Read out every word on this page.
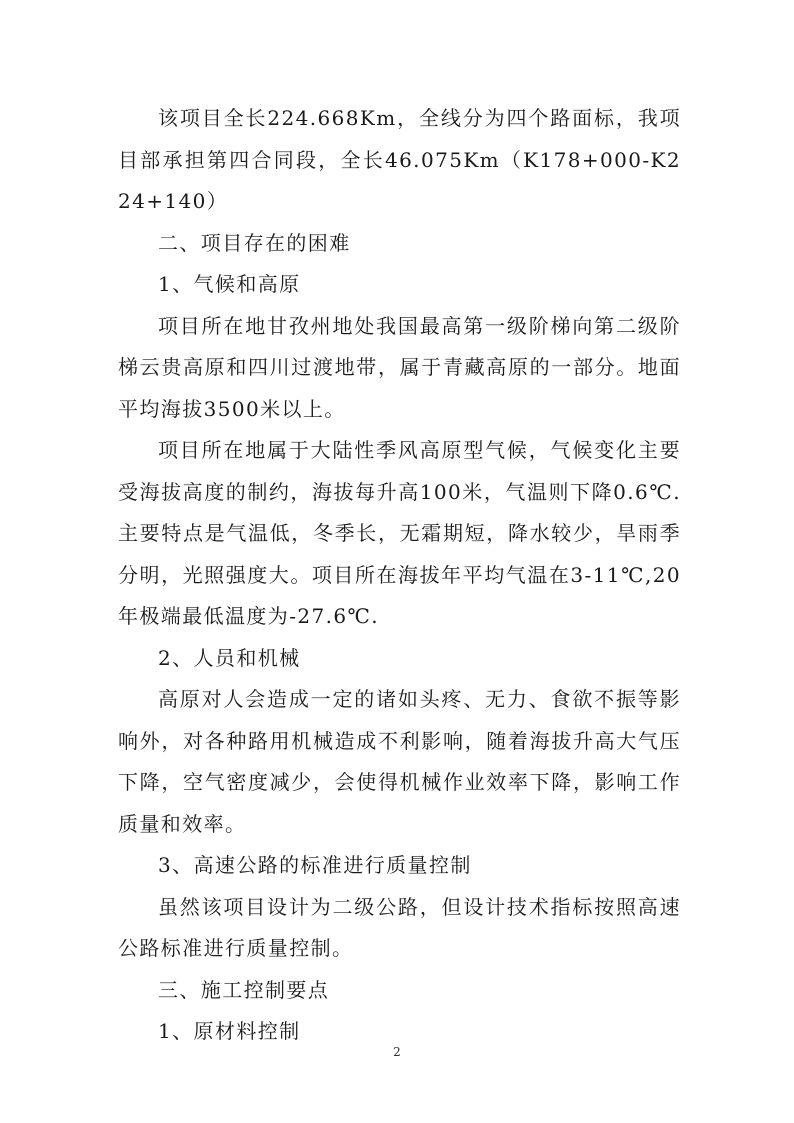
该项目全长224.668Km，全线分为四个路面标，我项目部承担第四合同段，全长46.075Km（K178+000-K224+140）

二、项目存在的困难

1、气候和高原

项目所在地甘孜州地处我国最高第一级阶梯向第二级阶梯云贵高原和四川过渡地带，属于青藏高原的一部分。地面平均海拔3500米以上。

项目所在地属于大陆性季风高原型气候，气候变化主要受海拔高度的制约，海拔每升高100米，气温则下降0.6℃.主要特点是气温低，冬季长，无霜期短，降水较少，旱雨季分明，光照强度大。项目所在海拔年平均气温在3-11℃,20年极端最低温度为-27.6℃.

2、人员和机械

高原对人会造成一定的诸如头疼、无力、食欲不振等影响外，对各种路用机械造成不利影响，随着海拔升高大气压下降，空气密度减少，会使得机械作业效率下降，影响工作质量和效率。

3、高速公路的标准进行质量控制

虽然该项目设计为二级公路，但设计技术指标按照高速公路标准进行质量控制。

三、施工控制要点

1、原材料控制

2
